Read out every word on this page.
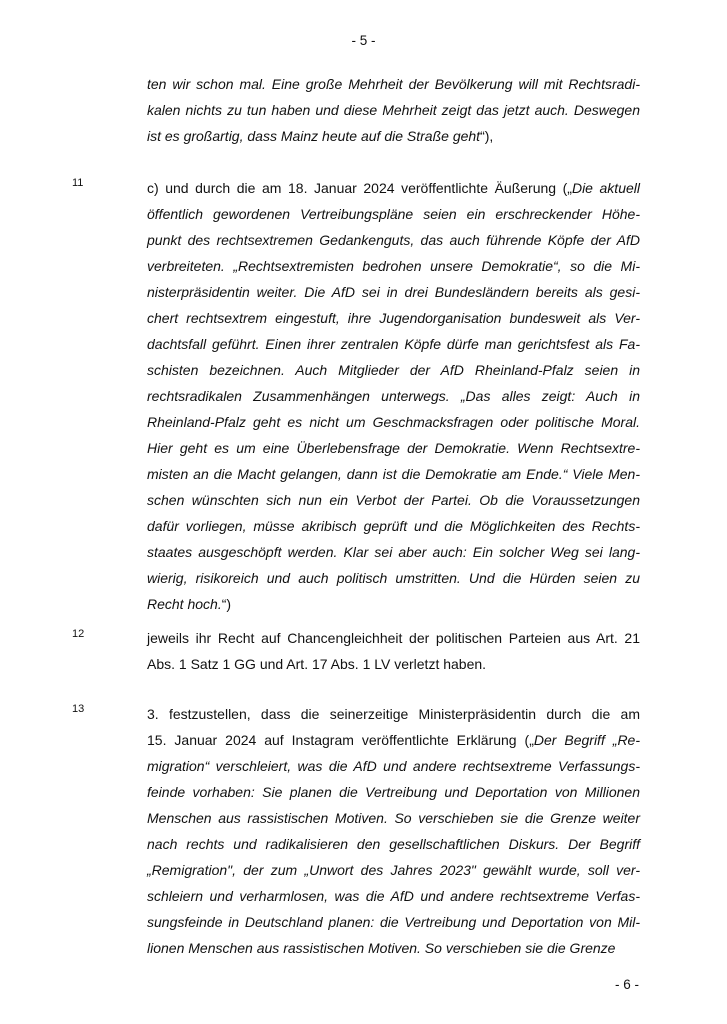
- 5 -
ten wir schon mal. Eine große Mehrheit der Bevölkerung will mit Rechtsradi-
kalen nichts zu tun haben und diese Mehrheit zeigt das jetzt auch. Deswegen
ist es großartig, dass Mainz heute auf die Straße geht“),
11	c) und durch die am 18. Januar 2024 veröffentlichte Äußerung („Die aktuell
öffentlich gewordenen Vertreibungspläne seien ein erschreckender Höhe-
punkt des rechtsextremen Gedankenguts, das auch führende Köpfe der AfD
verbreiteten. „Rechtsextremisten bedrohen unsere Demokratie“, so die Mi-
nisterpräsidentin weiter. Die AfD sei in drei Bundesländern bereits als gesi-
chert rechtsextrem eingestuft, ihre Jugendorganisation bundesweit als Ver-
dachtsfall geführt. Einen ihrer zentralen Köpfe dürfe man gerichtsfest als Fa-
schisten bezeichnen. Auch Mitglieder der AfD Rheinland-Pfalz seien in
rechtsradikalen Zusammenhängen unterwegs. „Das alles zeigt: Auch in
Rheinland-Pfalz geht es nicht um Geschmacksfragen oder politische Moral.
Hier geht es um eine Überlebensfrage der Demokratie. Wenn Rechtsextre-
misten an die Macht gelangen, dann ist die Demokratie am Ende.“ Viele Men-
schen wünschten sich nun ein Verbot der Partei. Ob die Voraussetzungen
dafür vorliegen, müsse akribisch geprüft und die Möglichkeiten des Rechts-
staates ausgeschöpft werden. Klar sei aber auch: Ein solcher Weg sei lang-
wierig, risikoreich und auch politisch umstritten. Und die Hürden seien zu
Recht hoch.“)
12	jeweils ihr Recht auf Chancengleichheit der politischen Parteien aus Art. 21
Abs. 1 Satz 1 GG und Art. 17 Abs. 1 LV verletzt haben.
13	3. festzustellen, dass die seinerzeitige Ministerpräsidentin durch die am
15. Januar 2024 auf Instagram veröffentlichte Erklärung („Der Begriff „Re-
migration“ verschleiert, was die AfD und andere rechtsextreme Verfassungs-
feinde vorhaben: Sie planen die Vertreibung und Deportation von Millionen
Menschen aus rassistischen Motiven. So verschieben sie die Grenze weiter
nach rechts und radikalisieren den gesellschaftlichen Diskurs. Der Begriff
„Remigration", der zum „Unwort des Jahres 2023" gewählt wurde, soll ver-
schleiern und verharmlosen, was die AfD und andere rechtsextreme Verfas-
sungsfeinde in Deutschland planen: die Vertreibung und Deportation von Mil-
lionen Menschen aus rassistischen Motiven. So verschieben sie die Grenze
- 6 -
